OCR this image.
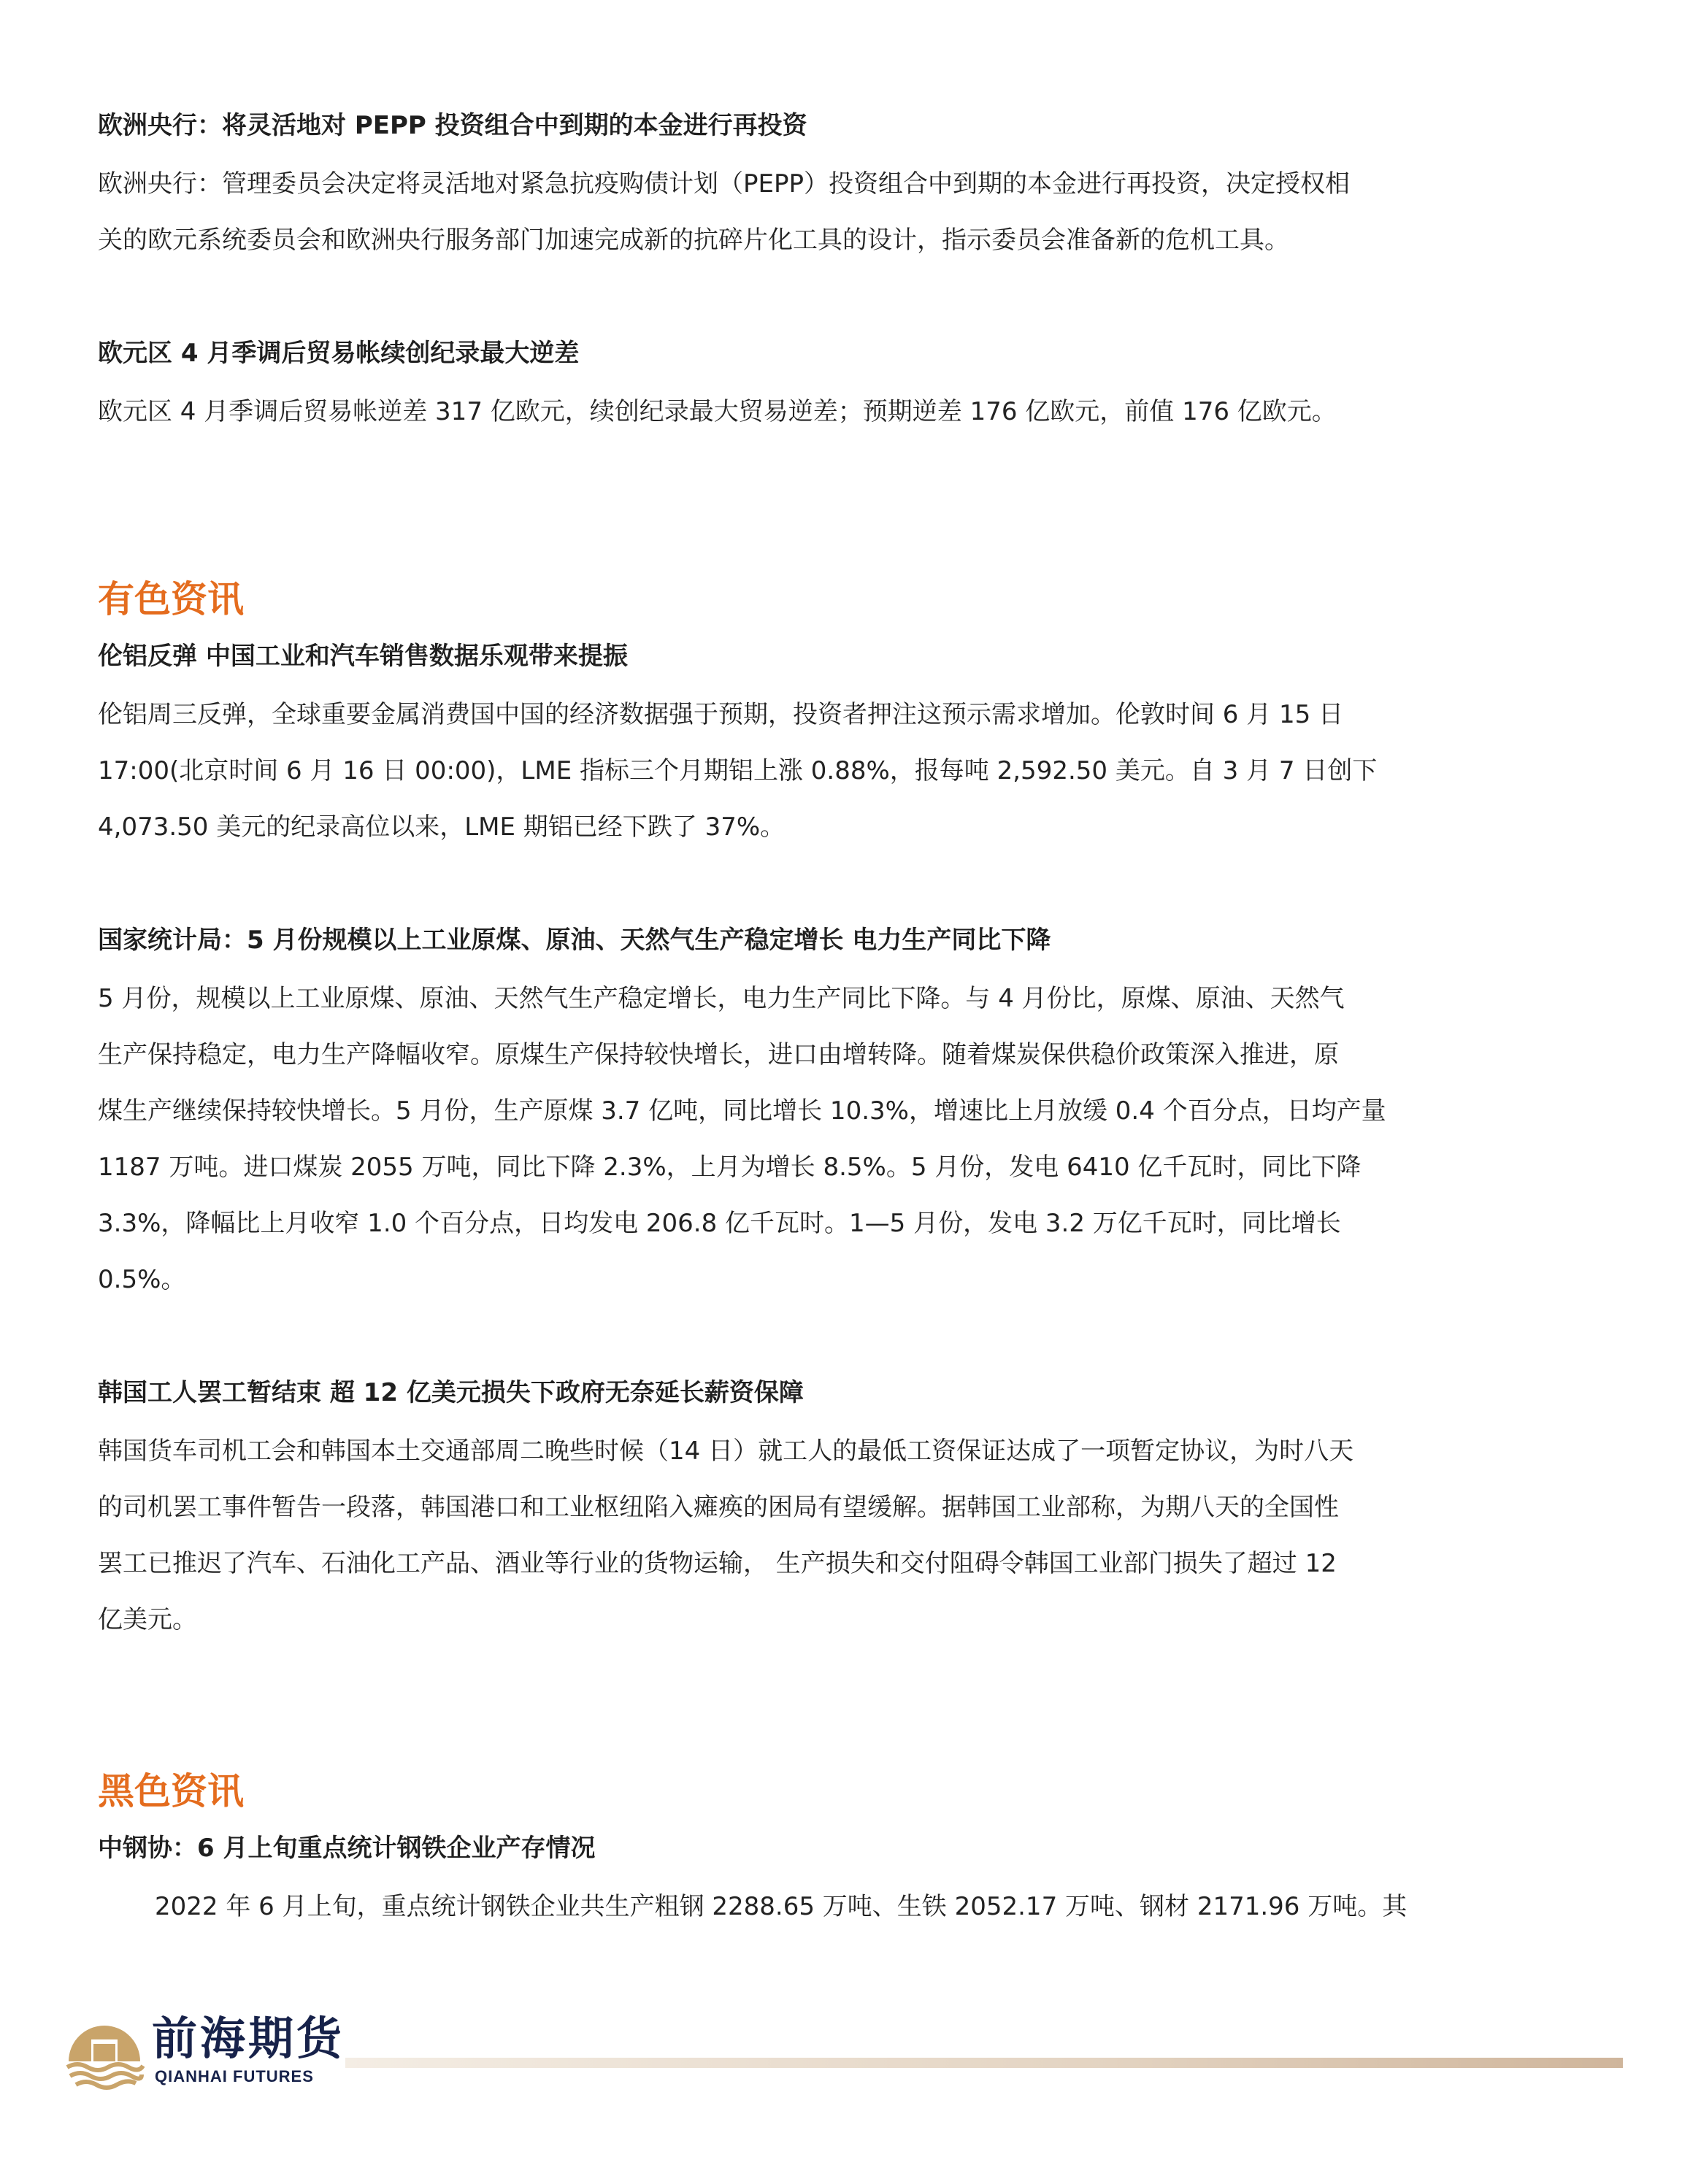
欧洲央行：将灵活地对 PEPP 投资组合中到期的本金进行再投资

欧洲央行：管理委员会决定将灵活地对紧急抗疫购债计划（PEPP）投资组合中到期的本金进行再投资，决定授权相

关的欧元系统委员会和欧洲央行服务部门加速完成新的抗碎片化工具的设计，指示委员会准备新的危机工具。

欧元区 4 月季调后贸易帐续创纪录最大逆差

欧元区 4 月季调后贸易帐逆差 317 亿欧元，续创纪录最大贸易逆差；预期逆差 176 亿欧元，前值 176 亿欧元。

有色资讯
伦铝反弹 中国工业和汽车销售数据乐观带来提振

伦铝周三反弹，全球重要金属消费国中国的经济数据强于预期，投资者押注这预示需求增加。伦敦时间 6 月 15 日

17:00(北京时间 6 月 16 日 00:00)，LME 指标三个月期铝上涨 0.88%，报每吨 2,592.50 美元。自 3 月 7 日创下

4,073.50 美元的纪录高位以来，LME 期铝已经下跌了 37%。

国家统计局：5 月份规模以上工业原煤、原油、天然气生产稳定增长 电力生产同比下降

5 月份，规模以上工业原煤、原油、天然气生产稳定增长，电力生产同比下降。与 4 月份比，原煤、原油、天然气

生产保持稳定，电力生产降幅收窄。原煤生产保持较快增长，进口由增转降。随着煤炭保供稳价政策深入推进，原

煤生产继续保持较快增长。5 月份，生产原煤 3.7 亿吨，同比增长 10.3%，增速比上月放缓 0.4 个百分点，日均产量

1187 万吨。进口煤炭 2055 万吨，同比下降 2.3%，上月为增长 8.5%。5 月份，发电 6410 亿千瓦时，同比下降

3.3%，降幅比上月收窄 1.0 个百分点，日均发电 206.8 亿千瓦时。1—5 月份，发电 3.2 万亿千瓦时，同比增长

0.5%。

韩国工人罢工暂结束 超 12 亿美元损失下政府无奈延长薪资保障

韩国货车司机工会和韩国本土交通部周二晚些时候（14 日）就工人的最低工资保证达成了一项暂定协议，为时八天

的司机罢工事件暂告一段落，韩国港口和工业枢纽陷入瘫痪的困局有望缓解。据韩国工业部称，为期八天的全国性

罢工已推迟了汽车、石油化工产品、酒业等行业的货物运输， 生产损失和交付阻碍令韩国工业部门损失了超过 12

亿美元。

黑色资讯
中钢协：6 月上旬重点统计钢铁企业产存情况

2022 年 6 月上旬，重点统计钢铁企业共生产粗钢 2288.65 万吨、生铁 2052.17 万吨、钢材 2171.96 万吨。其

前海期货
QIANHAI FUTURES
